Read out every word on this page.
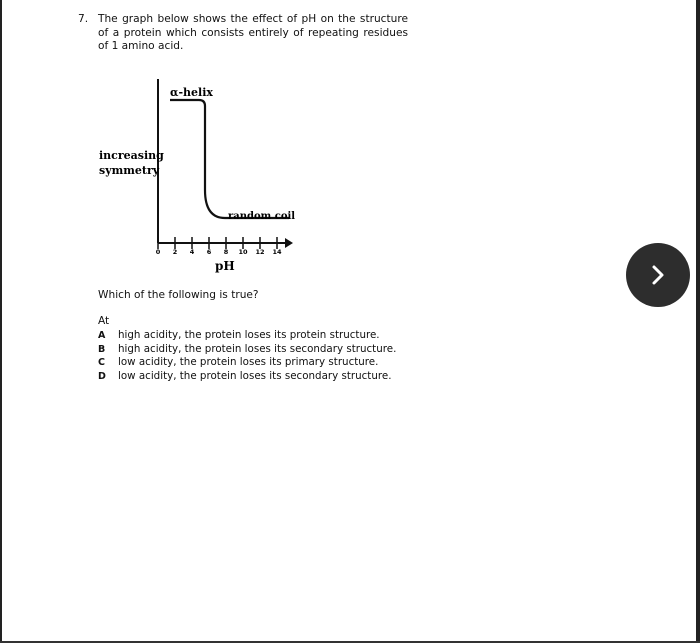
7. The graph below shows the effect of pH on the structure of a protein which consists entirely of repeating residues of 1 amino acid.
α-helix
random coil
increasing
symmetry
pH
0 2 4 6 8 10 12 14
Which of the following is true?
At
A high acidity, the protein loses its protein structure.
B high acidity, the protein loses its secondary structure.
C low acidity, the protein loses its primary structure.
D low acidity, the protein loses its secondary structure.
